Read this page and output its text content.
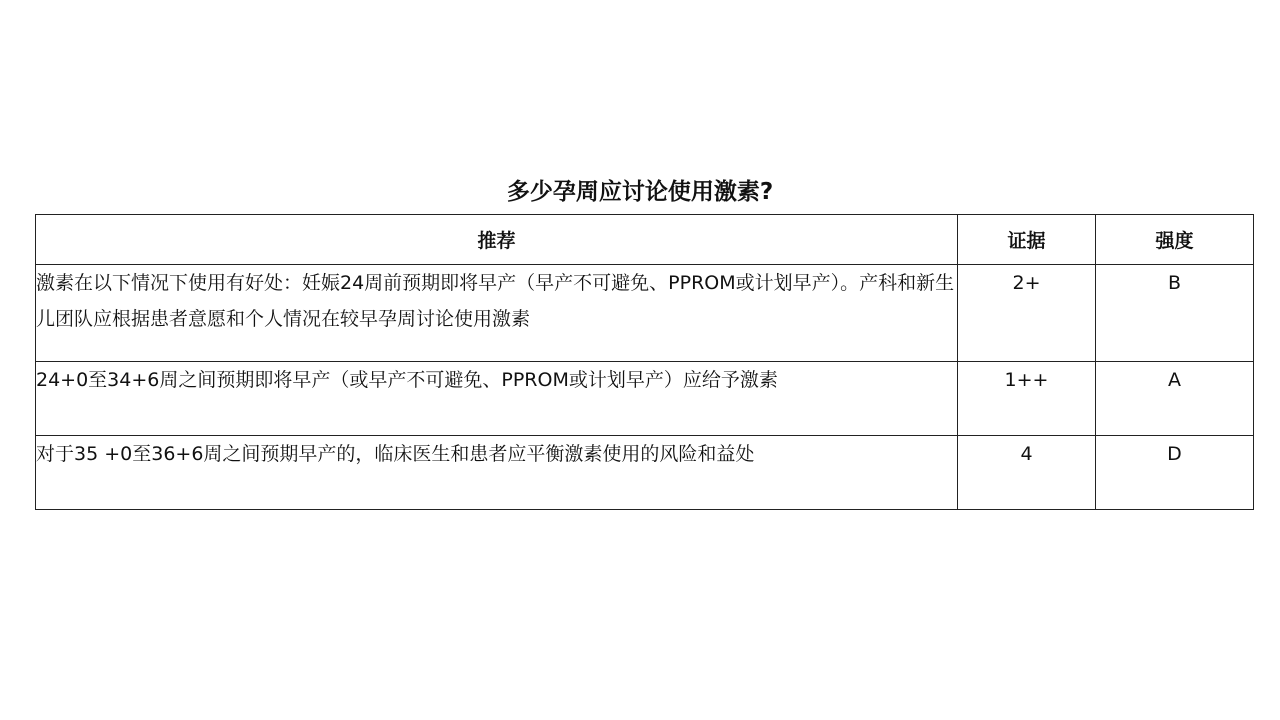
多少孕周应讨论使用激素?
推荐	证据	强度
激素在以下情况下使用有好处：妊娠24周前预期即将早产（早产不可避免、PPROM或计划早产）。产科和新生儿团队应根据患者意愿和个人情况在较早孕周讨论使用激素	2+	B
24+0至34+6周之间预期即将早产（或早产不可避免、PPROM或计划早产）应给予激素	1++	A
对于35 +0至36+6周之间预期早产的，临床医生和患者应平衡激素使用的风险和益处	4	D
